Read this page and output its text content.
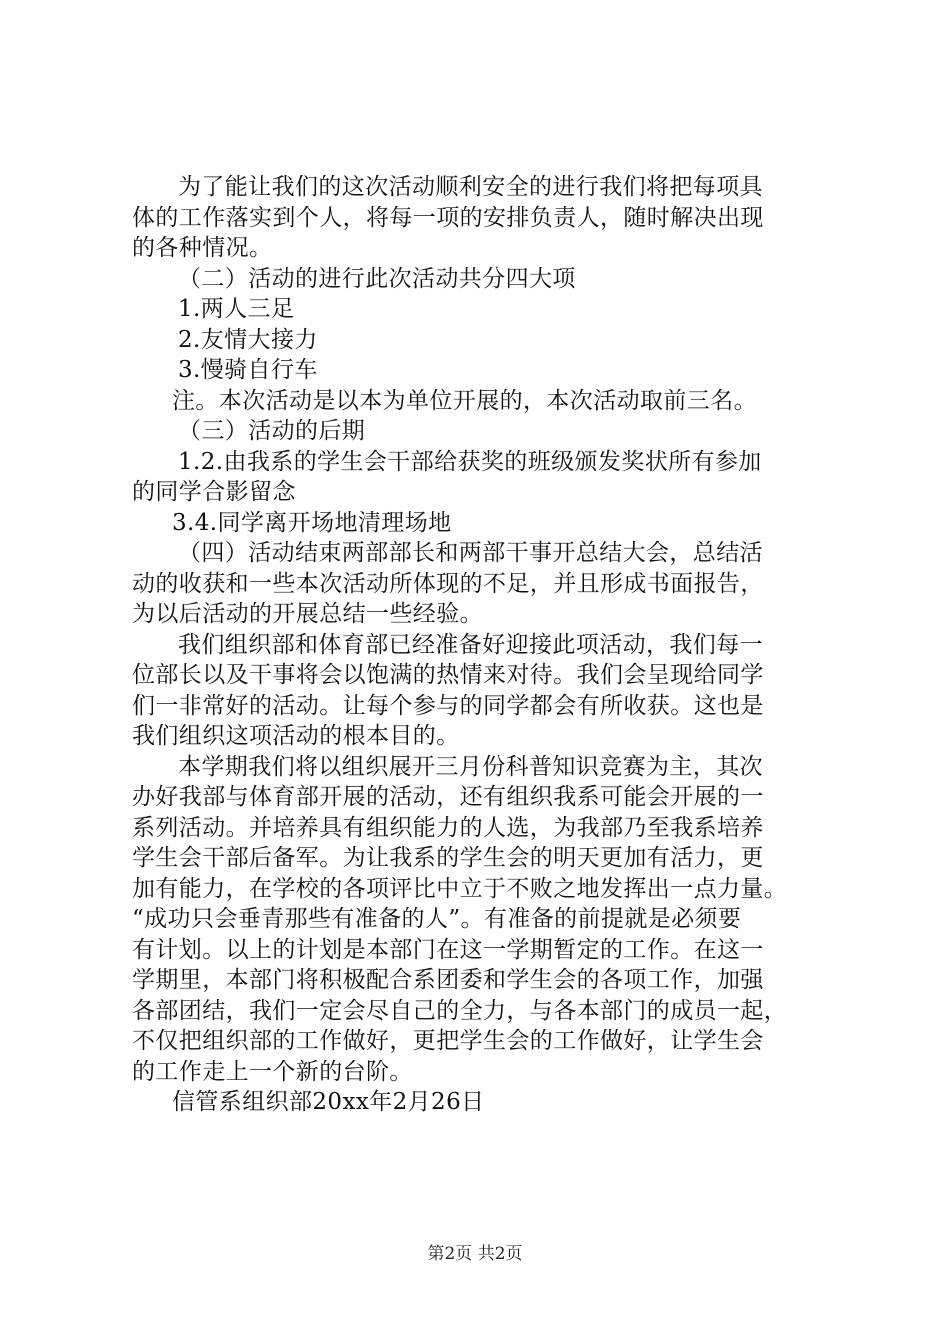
为了能让我们的这次活动顺利安全的进行我们将把每项具
体的工作落实到个人，将每一项的安排负责人，随时解决出现
的各种情况。
（二）活动的进行此次活动共分四大项
1.两人三足
2.友情大接力
3.慢骑自行车
注。本次活动是以本为单位开展的，本次活动取前三名。
（三）活动的后期
1.2.由我系的学生会干部给获奖的班级颁发奖状所有参加
的同学合影留念
3.4.同学离开场地清理场地
（四）活动结束两部部长和两部干事开总结大会，总结活
动的收获和一些本次活动所体现的不足，并且形成书面报告，
为以后活动的开展总结一些经验。
我们组织部和体育部已经准备好迎接此项活动，我们每一
位部长以及干事将会以饱满的热情来对待。我们会呈现给同学
们一非常好的活动。让每个参与的同学都会有所收获。这也是
我们组织这项活动的根本目的。
本学期我们将以组织展开三月份科普知识竞赛为主，其次
办好我部与体育部开展的活动，还有组织我系可能会开展的一
系列活动。并培养具有组织能力的人选，为我部乃至我系培养
学生会干部后备军。为让我系的学生会的明天更加有活力，更
加有能力，在学校的各项评比中立于不败之地发挥出一点力量。
“成功只会垂青那些有准备的人”。有准备的前提就是必须要
有计划。以上的计划是本部门在这一学期暂定的工作。在这一
学期里，本部门将积极配合系团委和学生会的各项工作，加强
各部团结，我们一定会尽自己的全力，与各本部门的成员一起，
不仅把组织部的工作做好，更把学生会的工作做好，让学生会
的工作走上一个新的台阶。
信管系组织部20xx年2月26日
第2页 共2页
